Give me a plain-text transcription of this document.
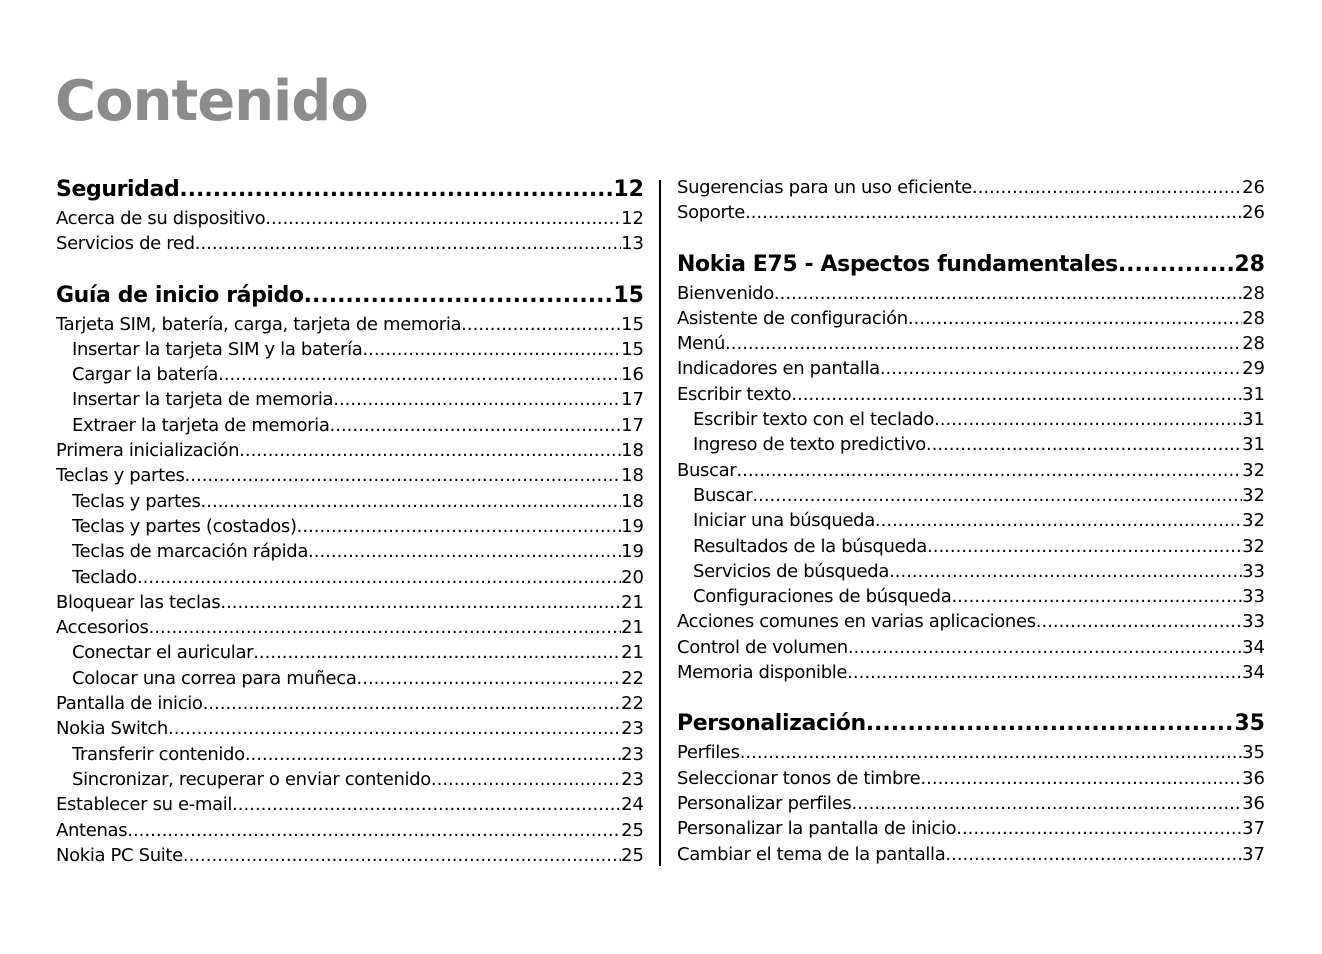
Contenido
Seguridad .....	12
Acerca de su dispositivo .....	12
Servicios de red .....	13
Guía de inicio rápido .....	15
Tarjeta SIM, batería, carga, tarjeta de memoria .....	15
Insertar la tarjeta SIM y la batería .....	15
Cargar la batería .....	16
Insertar la tarjeta de memoria .....	17
Extraer la tarjeta de memoria .....	17
Primera inicialización .....	18
Teclas y partes .....	18
Teclas y partes .....	18
Teclas y partes (costados) .....	19
Teclas de marcación rápida .....	19
Teclado .....	20
Bloquear las teclas .....	21
Accesorios .....	21
Conectar el auricular .....	21
Colocar una correa para muñeca .....	22
Pantalla de inicio .....	22
Nokia Switch .....	23
Transferir contenido .....	23
Sincronizar, recuperar o enviar contenido .....	23
Establecer su e-mail .....	24
Antenas .....	25
Nokia PC Suite .....	25
Sugerencias para un uso eficiente .....	26
Soporte .....	26
Nokia E75 - Aspectos fundamentales .....	28
Bienvenido .....	28
Asistente de configuración .....	28
Menú .....	28
Indicadores en pantalla .....	29
Escribir texto .....	31
Escribir texto con el teclado .....	31
Ingreso de texto predictivo .....	31
Buscar .....	32
Buscar .....	32
Iniciar una búsqueda .....	32
Resultados de la búsqueda .....	32
Servicios de búsqueda .....	33
Configuraciones de búsqueda .....	33
Acciones comunes en varias aplicaciones .....	33
Control de volumen .....	34
Memoria disponible .....	34
Personalización .....	35
Perfiles .....	35
Seleccionar tonos de timbre .....	36
Personalizar perfiles .....	36
Personalizar la pantalla de inicio .....	37
Cambiar el tema de la pantalla .....	37
